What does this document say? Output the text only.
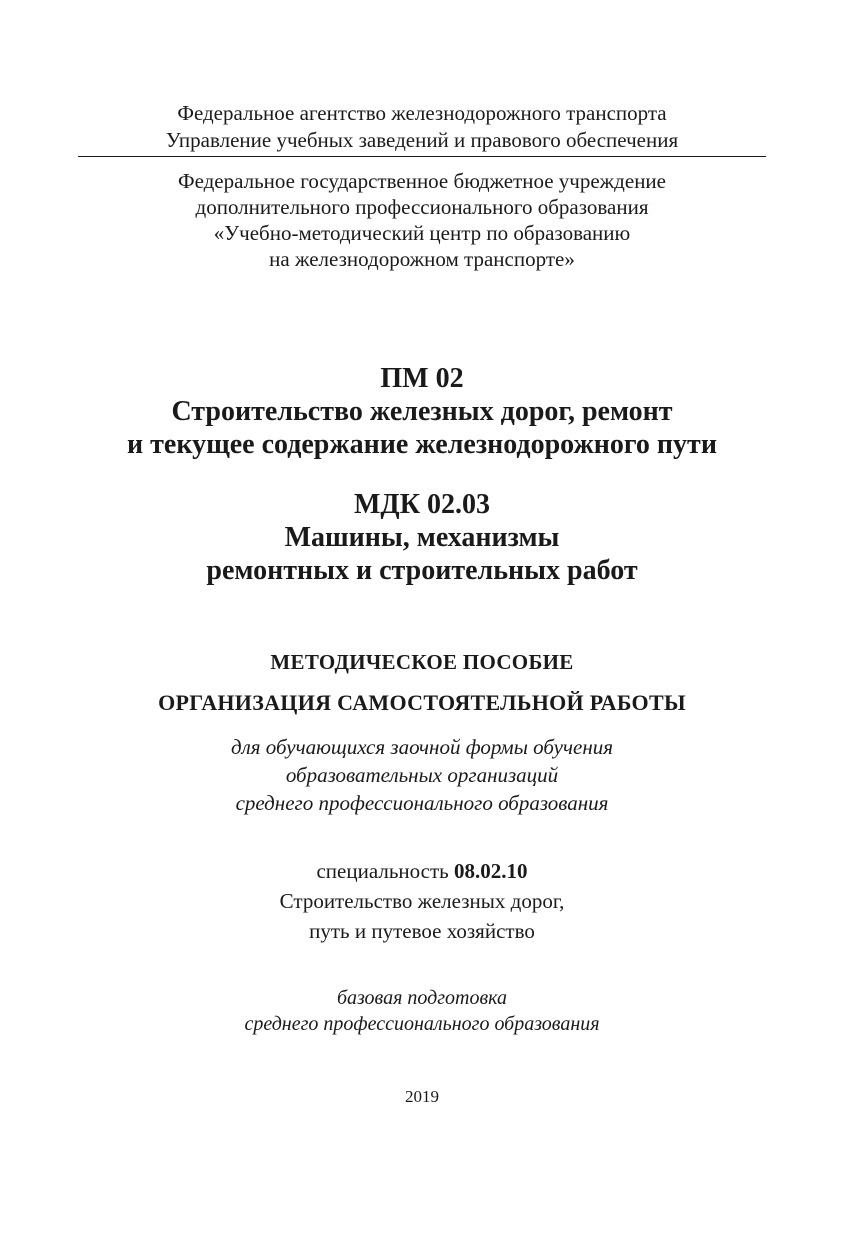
Федеральное агентство железнодорожного транспорта
Управление учебных заведений и правового обеспечения
Федеральное государственное бюджетное учреждение
дополнительного профессионального образования
«Учебно-методический центр по образованию
на железнодорожном транспорте»
ПМ 02
Строительство железных дорог, ремонт
и текущее содержание железнодорожного пути
МДК 02.03
Машины, механизмы
ремонтных и строительных работ
МЕТОДИЧЕСКОЕ ПОСОБИЕ
ОРГАНИЗАЦИЯ САМОСТОЯТЕЛЬНОЙ РАБОТЫ
для обучающихся заочной формы обучения
образовательных организаций
среднего профессионального образования
специальность 08.02.10
Строительство железных дорог,
путь и путевое хозяйство
базовая подготовка
среднего профессионального образования
2019
